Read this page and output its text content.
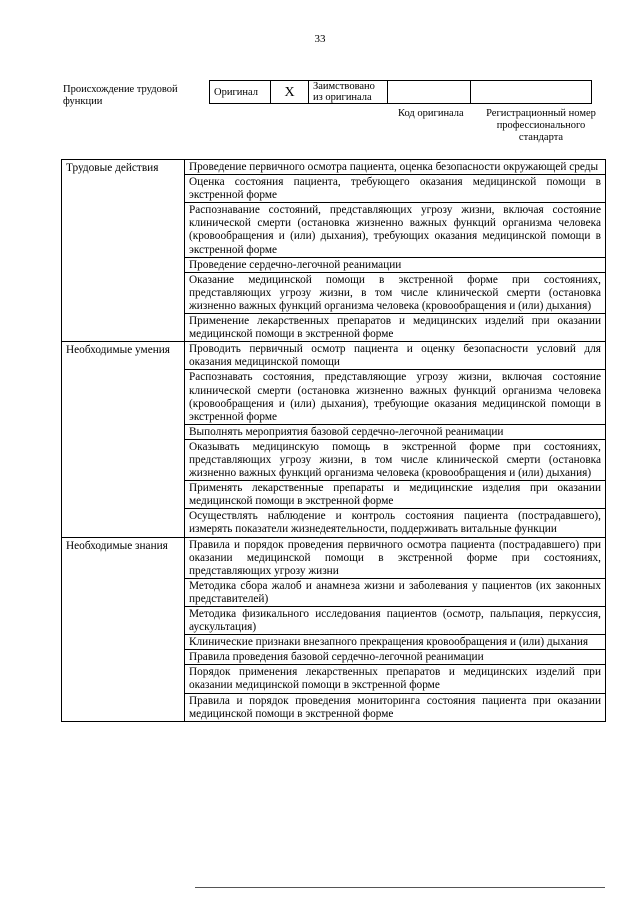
33
Происхождение трудовой функции
Оригинал	X	Заимствовано из оригинала		
Код оригинала	Регистрационный номер профессионального стандарта
Трудовые действия	Проведение первичного осмотра пациента, оценка безопасности окружающей среды
	Оценка состояния пациента, требующего оказания медицинской помощи в экстренной форме
	Распознавание состояний, представляющих угрозу жизни, включая состояние клинической смерти (остановка жизненно важных функций организма человека (кровообращения и (или) дыхания), требующих оказания медицинской помощи в экстренной форме
	Проведение сердечно-легочной реанимации
	Оказание медицинской помощи в экстренной форме при состояниях, представляющих угрозу жизни, в том числе клинической смерти (остановка жизненно важных функций организма человека (кровообращения и (или) дыхания)
	Применение лекарственных препаратов и медицинских изделий при оказании медицинской помощи в экстренной форме
Необходимые умения	Проводить первичный осмотр пациента и оценку безопасности условий для оказания медицинской помощи
	Распознавать состояния, представляющие угрозу жизни, включая состояние клинической смерти (остановка жизненно важных функций организма человека (кровообращения и (или) дыхания), требующие оказания медицинской помощи в экстренной форме
	Выполнять мероприятия базовой сердечно-легочной реанимации
	Оказывать медицинскую помощь в экстренной форме при состояниях, представляющих угрозу жизни, в том числе клинической смерти (остановка жизненно важных функций организма человека (кровообращения и (или) дыхания)
	Применять лекарственные препараты и медицинские изделия при оказании медицинской помощи в экстренной форме
	Осуществлять наблюдение и контроль состояния пациента (пострадавшего), измерять показатели жизнедеятельности, поддерживать витальные функции
Необходимые знания	Правила и порядок проведения первичного осмотра пациента (пострадавшего) при оказании медицинской помощи в экстренной форме при состояниях, представляющих угрозу жизни
	Методика сбора жалоб и анамнеза жизни и заболевания у пациентов (их законных представителей)
	Методика физикального исследования пациентов (осмотр, пальпация, перкуссия, аускультация)
	Клинические признаки внезапного прекращения кровообращения и (или) дыхания
	Правила проведения базовой сердечно-легочной реанимации
	Порядок применения лекарственных препаратов и медицинских изделий при оказании медицинской помощи в экстренной форме
	Правила и порядок проведения мониторинга состояния пациента при оказании медицинской помощи в экстренной форме
